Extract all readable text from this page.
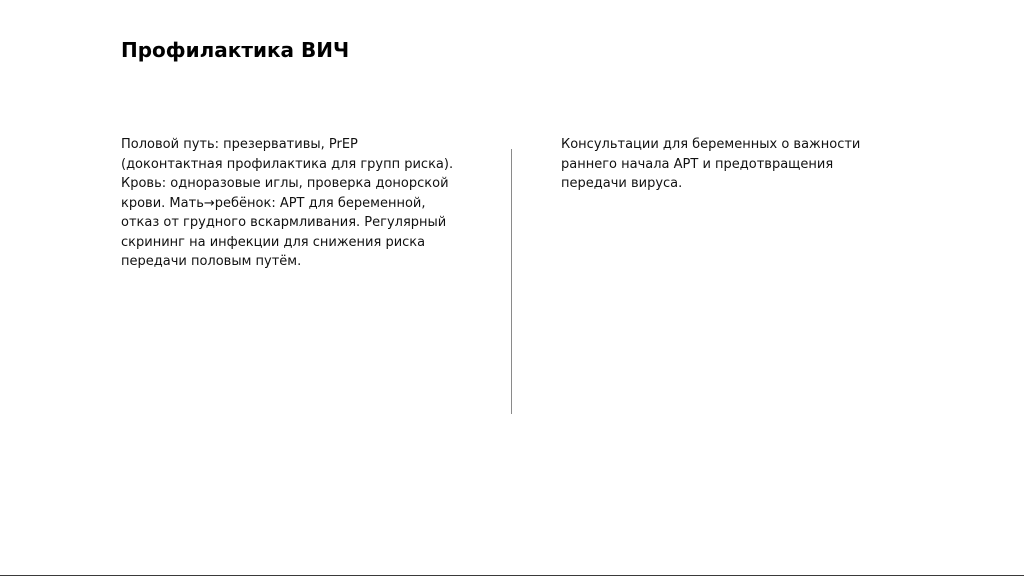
Профилактика ВИЧ

Половой путь: презервативы, PrEP (доконтактная профилактика для групп риска). Кровь: одноразовые иглы, проверка донорской крови. Мать→ребёнок: АРТ для беременной, отказ от грудного вскармливания. Регулярный скрининг на инфекции для снижения риска передачи половым путём.

Консультации для беременных о важности раннего начала АРТ и предотвращения передачи вируса.
